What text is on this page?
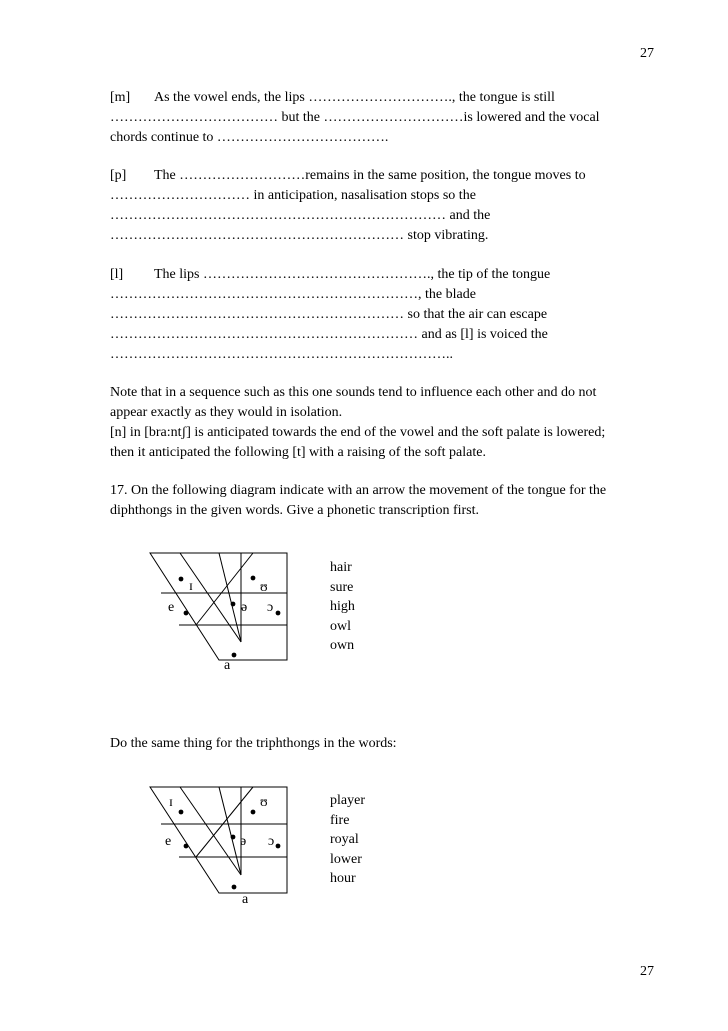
27
[m] As the vowel ends, the lips …………………………., the tongue is still
……………………………… but the …………………………is lowered and the vocal
chords continue to ……………………………….
[p] The ………………………remains in the same position, the tongue moves to
………………………… in anticipation, nasalisation stops so the
……………………………………………………………… and the
……………………………………………………… stop vibrating.
[l] The lips …………………………………………., the tip of the tongue
…………………………………………………………, the blade
……………………………………………………… so that the air can escape
………………………………………………………… and as [l] is voiced the
………………………………………………………………..
Note that in a sequence such as this one sounds tend to influence each other and do not
appear exactly as they would in isolation.
[n] in [bra:ntʃ] is anticipated towards the end of the vowel and the soft palate is lowered;
then it anticipated the following [t] with a raising of the soft palate.
17. On the following diagram indicate with an arrow the movement of the tongue for the
diphthongs in the given words. Give a phonetic transcription first.
ɪ	ʊ
e	ə ɔ
a
hair
sure
high
owl
own
Do the same thing for the triphthongs in the words:
ɪ	ʊ
e	ə ɔ
a
player
fire
royal
lower
hour
27
